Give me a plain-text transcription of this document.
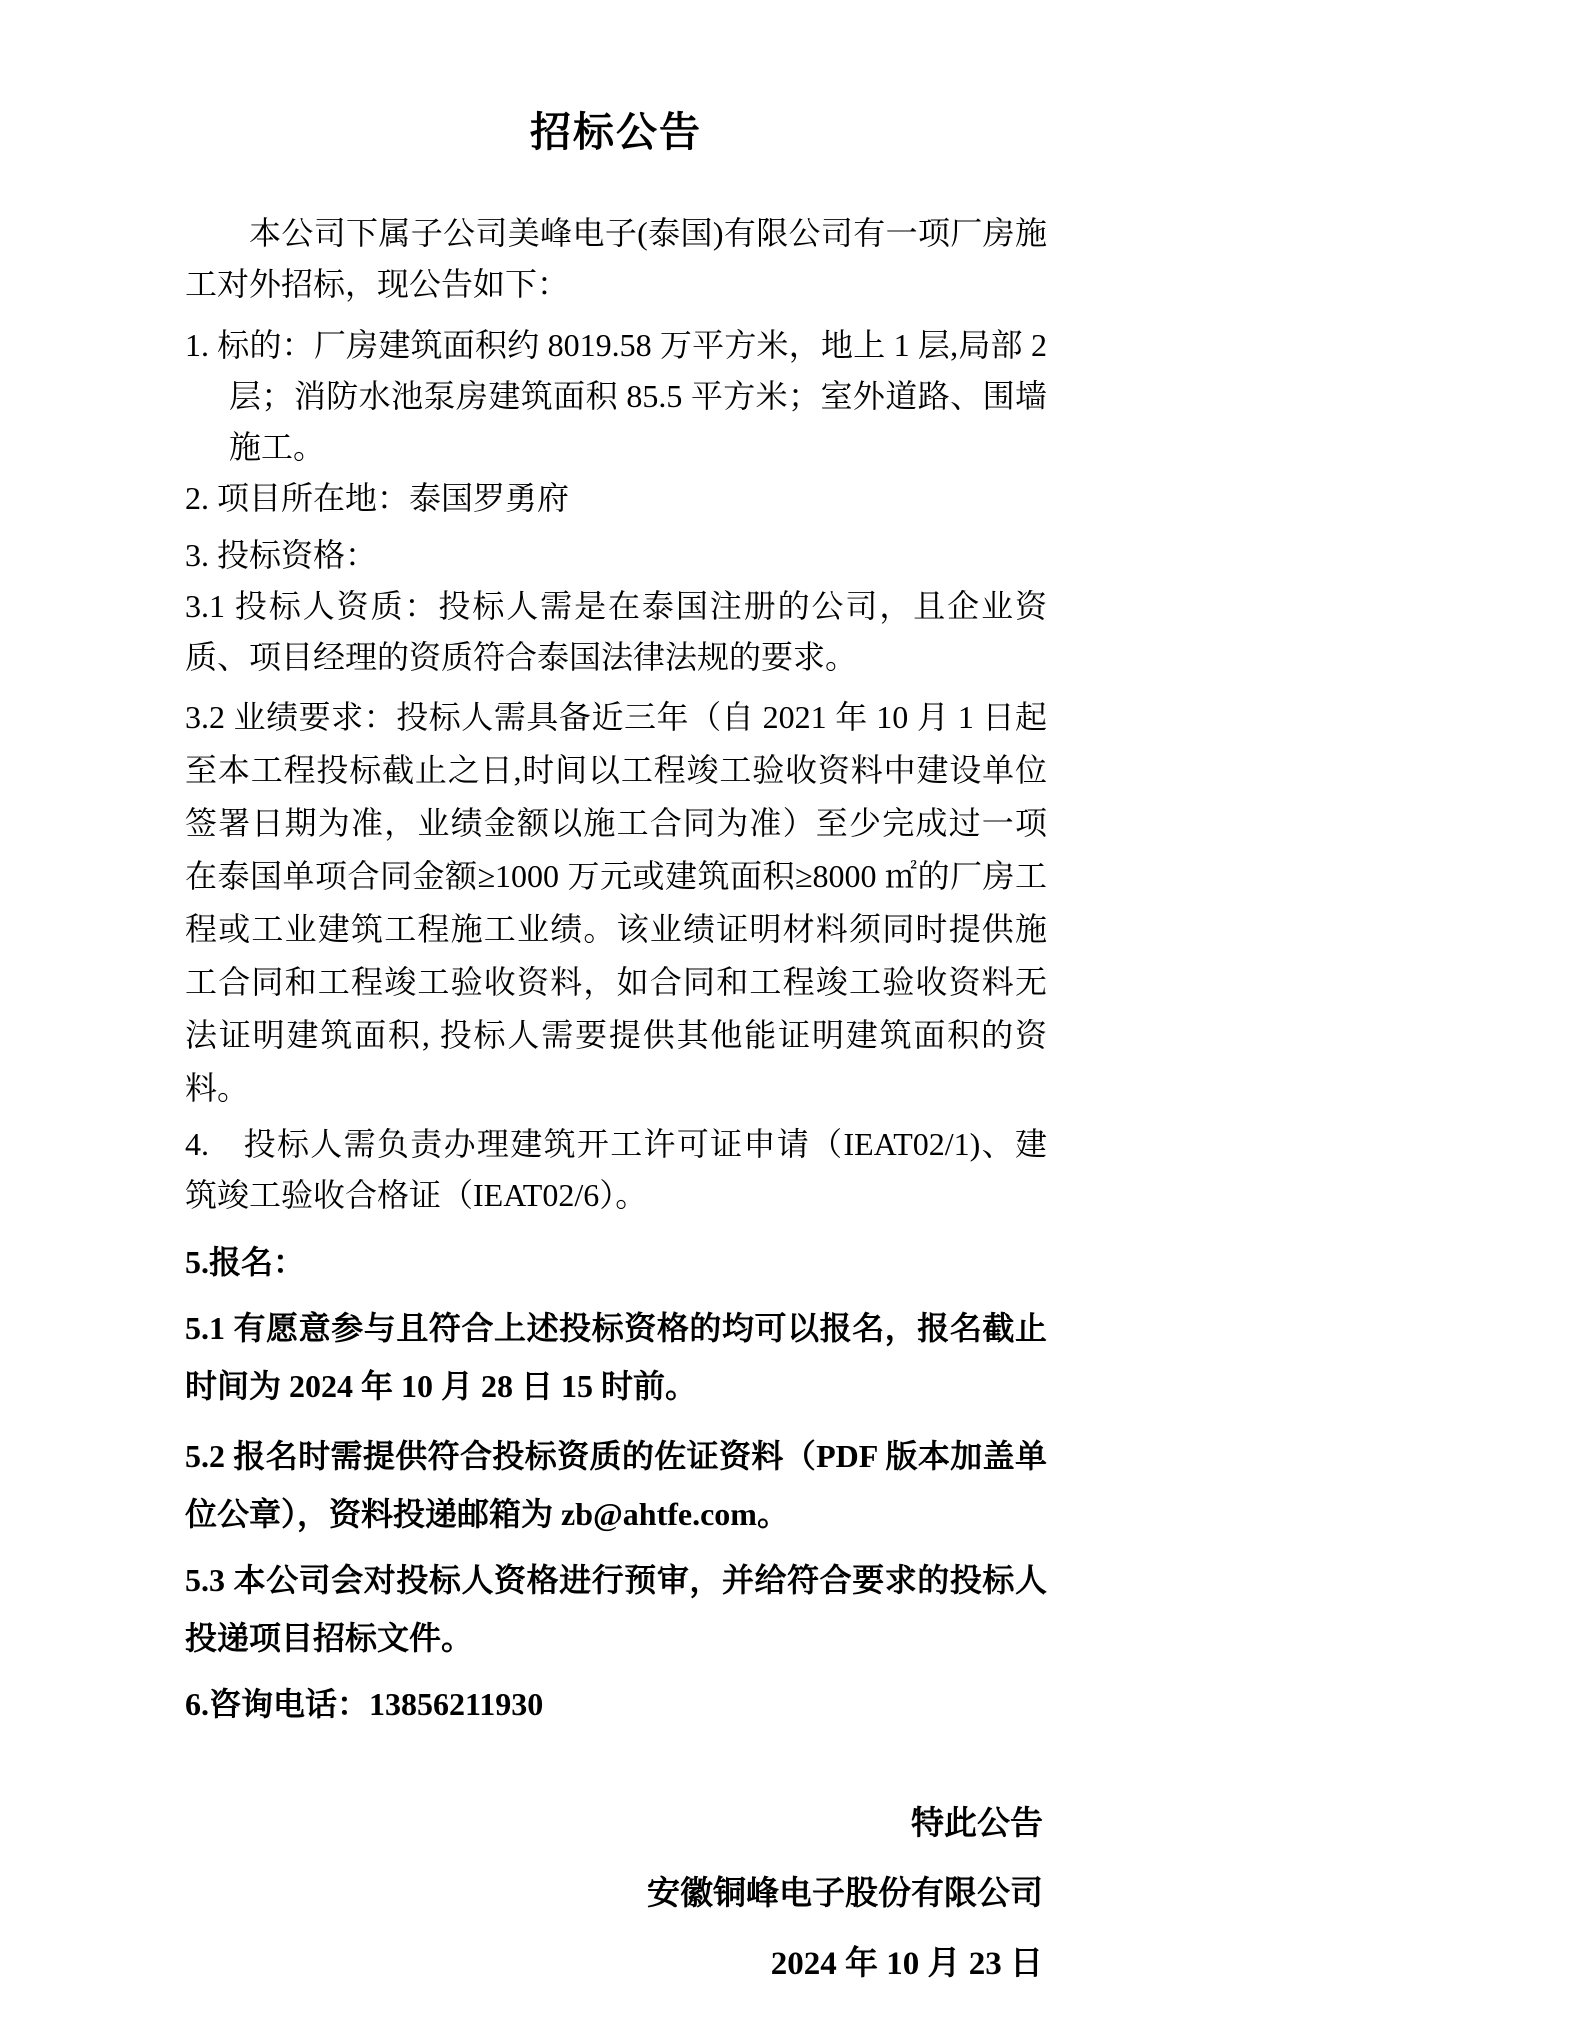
招标公告

本公司下属子公司美峰电子(泰国)有限公司有一项厂房施工对外招标，现公告如下：

1. 标的：厂房建筑面积约 8019.58 万平方米，地上 1 层,局部 2 层；消防水池泵房建筑面积 85.5 平方米；室外道路、围墙施工。

2. 项目所在地：泰国罗勇府

3. 投标资格：

3.1 投标人资质：投标人需是在泰国注册的公司，且企业资质、项目经理的资质符合泰国法律法规的要求。

3.2 业绩要求：投标人需具备近三年（自 2021 年 10 月 1 日起至本工程投标截止之日,时间以工程竣工验收资料中建设单位签署日期为准，业绩金额以施工合同为准）至少完成过一项在泰国单项合同金额≥1000 万元或建筑面积≥8000 ㎡的厂房工程或工业建筑工程施工业绩。该业绩证明材料须同时提供施工合同和工程竣工验收资料，如合同和工程竣工验收资料无法证明建筑面积, 投标人需要提供其他能证明建筑面积的资料。

4.　投标人需负责办理建筑开工许可证申请（IEAT02/1)、建筑竣工验收合格证（IEAT02/6）。

5.报名：

5.1 有愿意参与且符合上述投标资格的均可以报名，报名截止时间为 2024 年 10 月 28 日 15 时前。

5.2 报名时需提供符合投标资质的佐证资料（PDF 版本加盖单位公章），资料投递邮箱为 zb@ahtfe.com。

5.3 本公司会对投标人资格进行预审，并给符合要求的投标人投递项目招标文件。

6.咨询电话：13856211930

特此公告
安徽铜峰电子股份有限公司
2024 年 10 月 23 日
